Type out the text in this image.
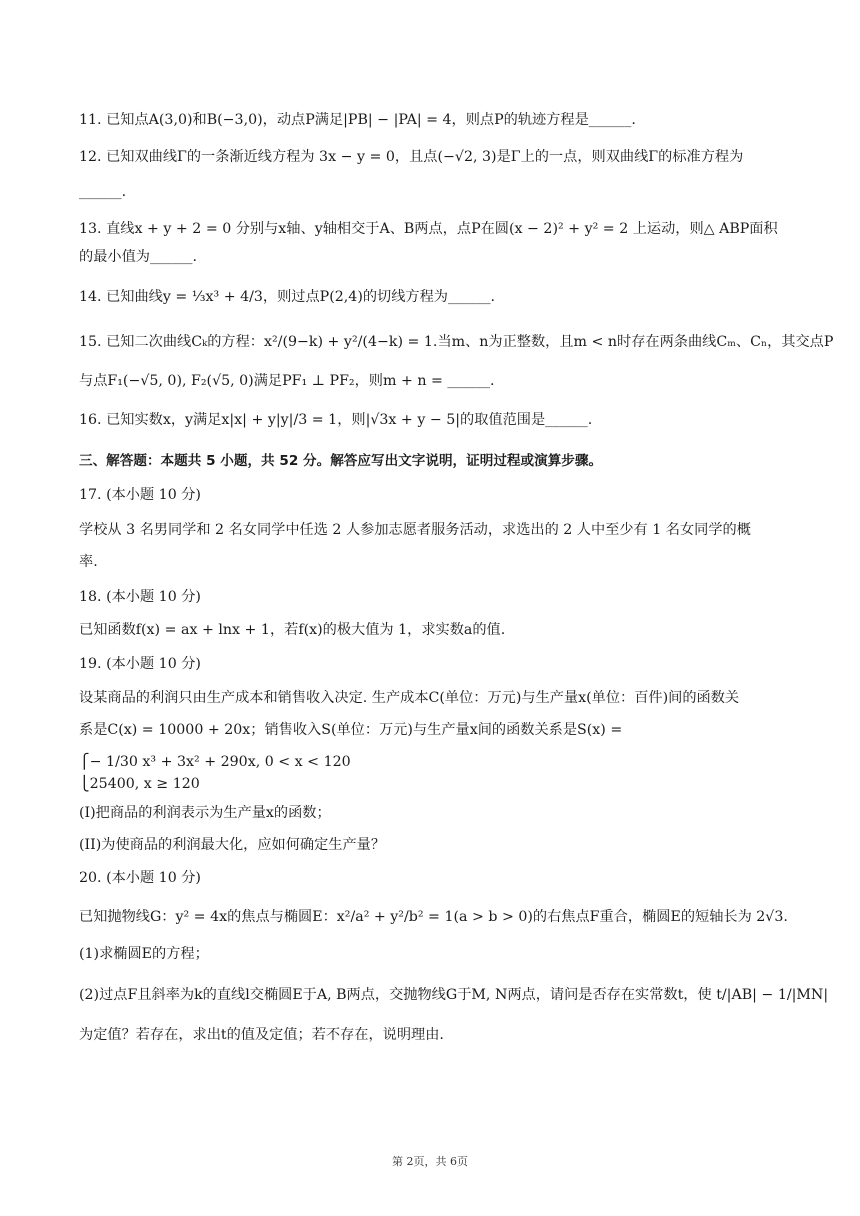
11. 已知点A(3,0)和B(−3,0)，动点P满足|PB| − |PA| = 4，则点P的轨迹方程是______.
12. 已知双曲线Γ的一条渐近线方程为 3x − y = 0，且点(−√2, 3)是Γ上的一点，则双曲线Γ的标准方程为
______.
13. 直线x + y + 2 = 0 分别与x轴、y轴相交于A、B两点，点P在圆(x − 2)² + y² = 2 上运动，则△ ABP面积
的最小值为______.
14. 已知曲线y = ⅓x³ + 4/3，则过点P(2,4)的切线方程为______.
15. 已知二次曲线Cₖ的方程：x²/(9−k) + y²/(4−k) = 1.当m、n为正整数，且m < n时存在两条曲线Cₘ、Cₙ，其交点P
与点F₁(−√5, 0), F₂(√5, 0)满足PF₁ ⊥ PF₂，则m + n = ______.
16. 已知实数x，y满足x|x| + y|y|/3 = 1，则|√3x + y − 5|的取值范围是______.
三、解答题：本题共 5 小题，共 52 分。解答应写出文字说明，证明过程或演算步骤。
17. (本小题 10 分)
学校从 3 名男同学和 2 名女同学中任选 2 人参加志愿者服务活动，求选出的 2 人中至少有 1 名女同学的概
率.
18. (本小题 10 分)
已知函数f(x) = ax + lnx + 1，若f(x)的极大值为 1，求实数a的值.
19. (本小题 10 分)
设某商品的利润只由生产成本和销售收入决定. 生产成本C(单位：万元)与生产量x(单位：百件)间的函数关
系是C(x) = 10000 + 20x；销售收入S(单位：万元)与生产量x间的函数关系是S(x) =
⎧− 1/30 x³ + 3x² + 290x, 0 < x < 120
⎩25400, x ≥ 120
(I)把商品的利润表示为生产量x的函数；
(II)为使商品的利润最大化，应如何确定生产量？
20. (本小题 10 分)
已知抛物线G：y² = 4x的焦点与椭圆E：x²/a² + y²/b² = 1(a > b > 0)的右焦点F重合，椭圆E的短轴长为 2√3.
(1)求椭圆E的方程；
(2)过点F且斜率为k的直线l交椭圆E于A, B两点，交抛物线G于M, N两点，请问是否存在实常数t，使 t/|AB| − 1/|MN|
为定值？若存在，求出t的值及定值；若不存在，说明理由.
第 2页，共 6页
